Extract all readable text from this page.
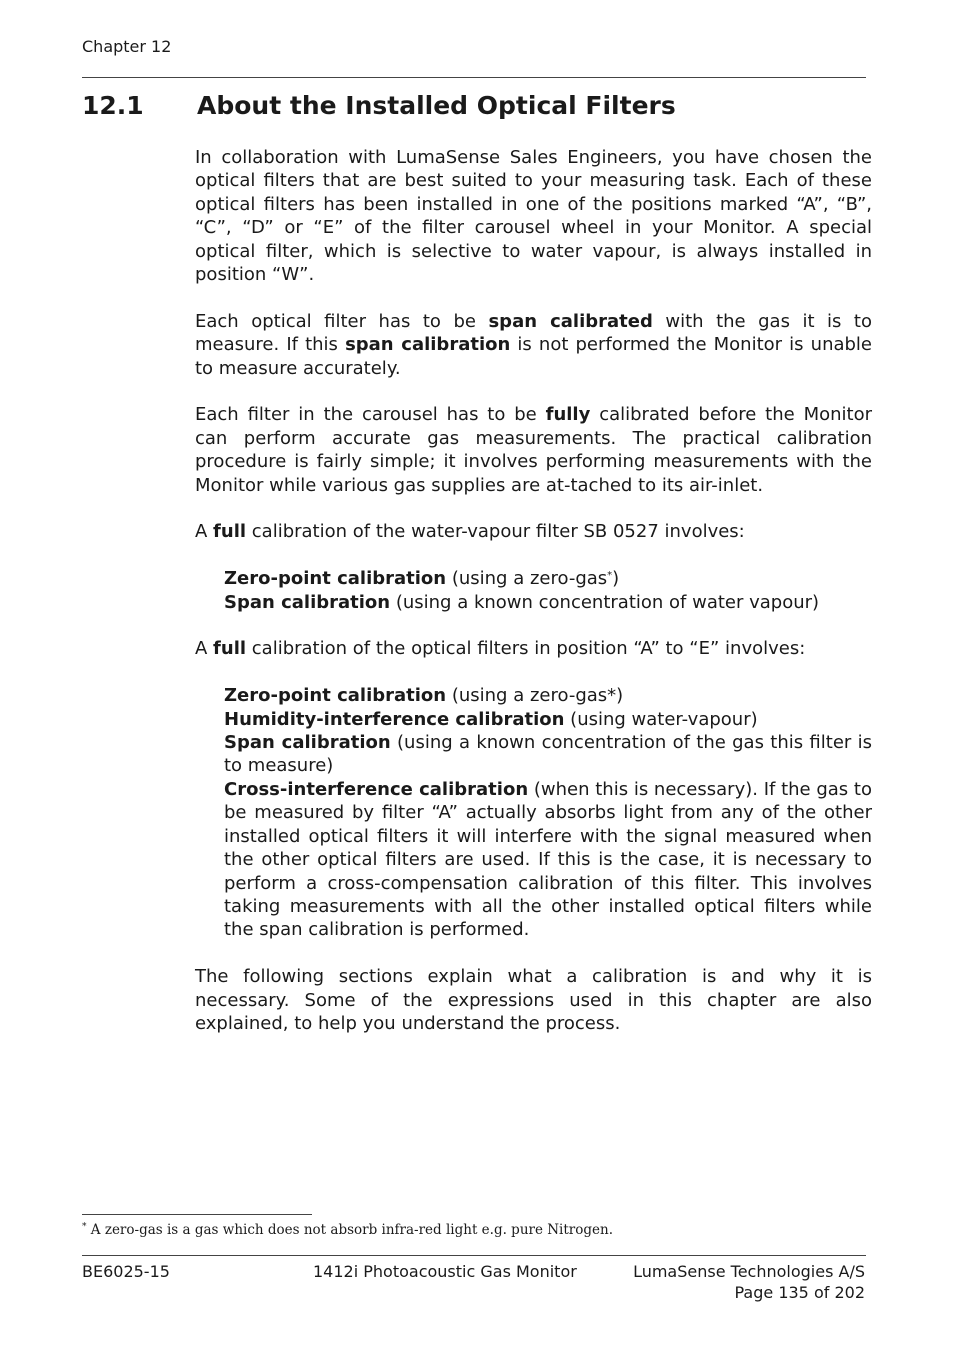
Chapter 12
12.1 About the Installed Optical Filters

In collaboration with LumaSense Sales Engineers, you have chosen the optical filters that are best suited to your measuring task. Each of these optical filters has been installed in one of the positions marked “A”, “B”, “C”, “D” or “E” of the filter carousel wheel in your Monitor. A special optical filter, which is selective to water vapour, is always installed in position “W”.

Each optical filter has to be span calibrated with the gas it is to measure. If this span calibration is not performed the Monitor is unable to measure accurately.

Each filter in the carousel has to be fully calibrated before the Monitor can perform accurate gas measurements. The practical calibration procedure is fairly simple; it involves performing measurements with the Monitor while various gas supplies are at-tached to its air-inlet.

A full calibration of the water-vapour filter SB 0527 involves:

Zero-point calibration (using a zero-gas*)

Span calibration (using a known concentration of water vapour)

A full calibration of the optical filters in position “A” to “E” involves:

Zero-point calibration (using a zero-gas*)

Humidity-interference calibration (using water-vapour)

Span calibration (using a known concentration of the gas this filter is to measure)

Cross-interference calibration (when this is necessary). If the gas to be measured by filter “A” actually absorbs light from any of the other installed optical filters it will interfere with the signal measured when the other optical filters are used. If this is the case, it is necessary to perform a cross-compensation calibration of this filter. This involves taking measurements with all the other installed optical filters while the span calibration is performed.

The following sections explain what a calibration is and why it is necessary. Some of the expressions used in this chapter are also explained, to help you understand the process.

* A zero-gas is a gas which does not absorb infra-red light e.g. pure Nitrogen.
BE6025-15	1412i Photoacoustic Gas Monitor	LumaSense Technologies A/S
Page 135 of 202
